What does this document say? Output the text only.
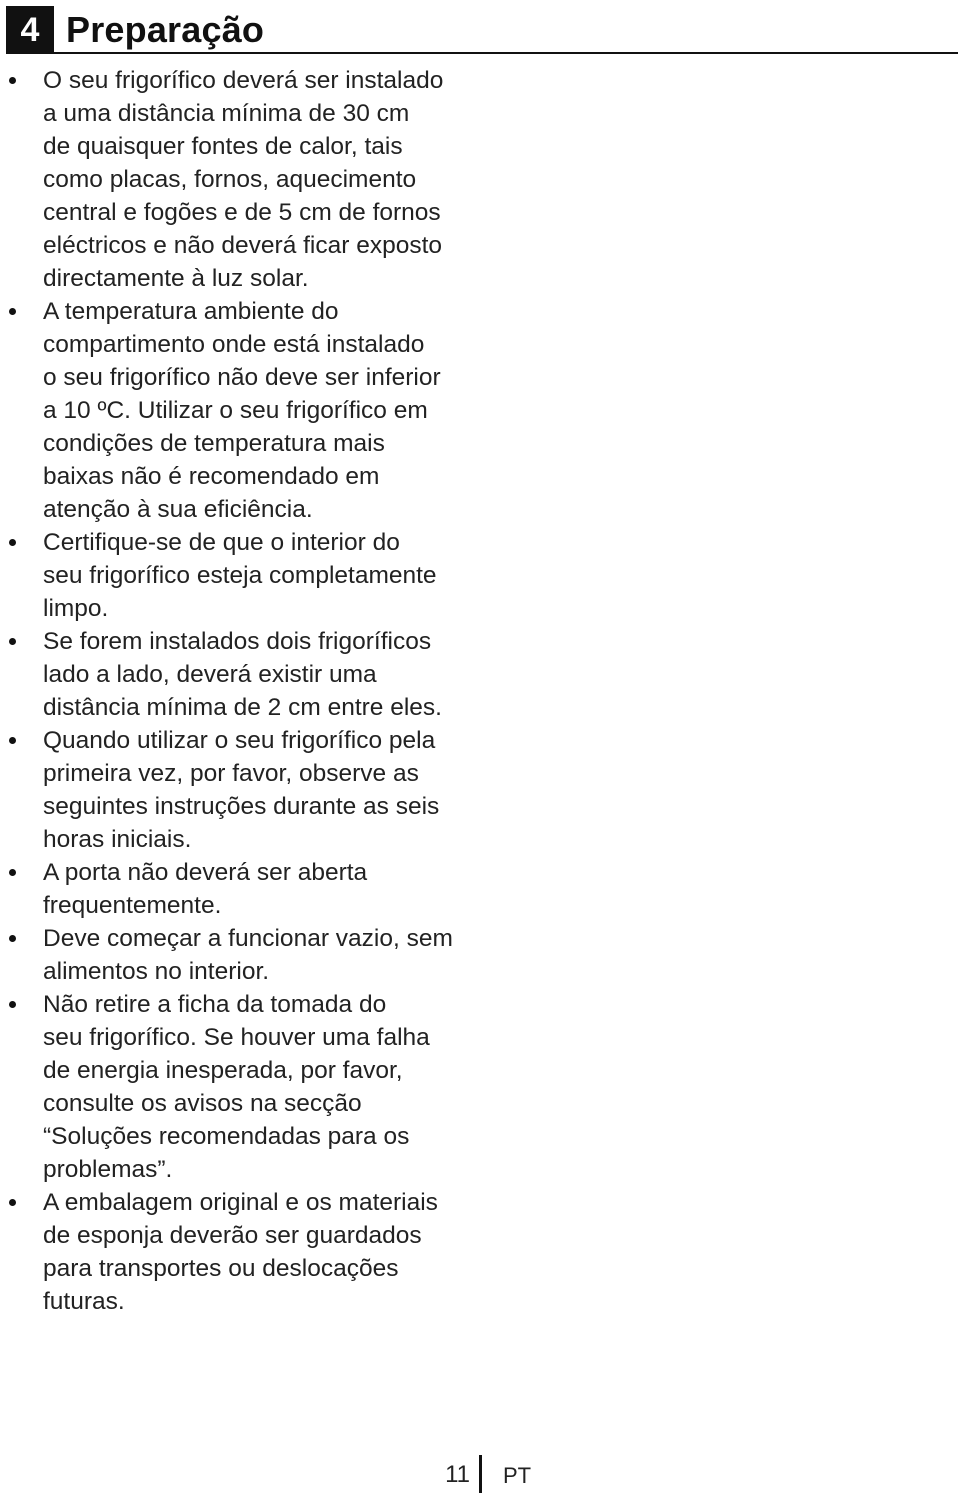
4 Preparação
O seu frigorífico deverá ser instalado
a uma distância mínima de 30 cm
de quaisquer fontes de calor, tais
como placas, fornos, aquecimento
central e fogões e de 5 cm de fornos
eléctricos e não deverá ficar exposto
directamente à luz solar.
A temperatura ambiente do
compartimento onde está instalado
o seu frigorífico não deve ser inferior
a 10 ºC. Utilizar o seu frigorífico em
condições de temperatura mais
baixas não é recomendado em
atenção à sua eficiência.
Certifique-se de que o interior do
seu frigorífico esteja completamente
limpo.
Se forem instalados dois frigoríficos
lado a lado, deverá existir uma
distância mínima de 2 cm entre eles.
Quando utilizar o seu frigorífico pela
primeira vez, por favor, observe as
seguintes instruções durante as seis
horas iniciais.
A porta não deverá ser aberta
frequentemente.
Deve começar a funcionar vazio, sem
alimentos no interior.
Não retire a ficha da tomada do
seu frigorífico. Se houver uma falha
de energia inesperada, por favor,
consulte os avisos na secção
“Soluções recomendadas para os
problemas”.
A embalagem original e os materiais
de esponja deverão ser guardados
para transportes ou deslocações
futuras.
11 PT
